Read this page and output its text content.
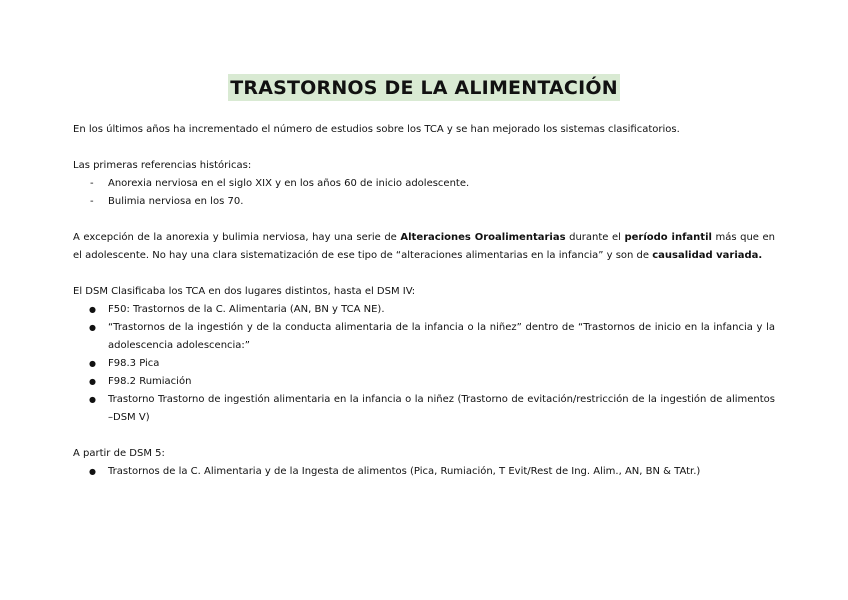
TRASTORNOS DE LA ALIMENTACIÓN

En los últimos años ha incrementado el número de estudios sobre los TCA y se han mejorado los sistemas clasificatorios.

Las primeras referencias históricas:

- Anorexia nerviosa en el siglo XIX y en los años 60 de inicio adolescente.
- Bulimia nerviosa en los 70.

A excepción de la anorexia y bulimia nerviosa, hay una serie de Alteraciones Oroalimentarias durante el período infantil más que en el adolescente. No hay una clara sistematización de ese tipo de “alteraciones alimentarias en la infancia” y son de causalidad variada.

El DSM Clasificaba los TCA en dos lugares distintos, hasta el DSM IV:

● F50: Trastornos de la C. Alimentaria (AN, BN y TCA NE).
● “Trastornos de la ingestión y de la conducta alimentaria de la infancia o la niñez” dentro de “Trastornos de inicio en la infancia y la adolescencia adolescencia:”
● F98.3 Pica
● F98.2 Rumiación
● Trastorno Trastorno de ingestión alimentaria en la infancia o la niñez (Trastorno de evitación/restricción de la ingestión de alimentos –DSM V)

A partir de DSM 5:

● Trastornos de la C. Alimentaria y de la Ingesta de alimentos (Pica, Rumiación, T Evit/Rest de Ing. Alim., AN, BN & TAtr.)
